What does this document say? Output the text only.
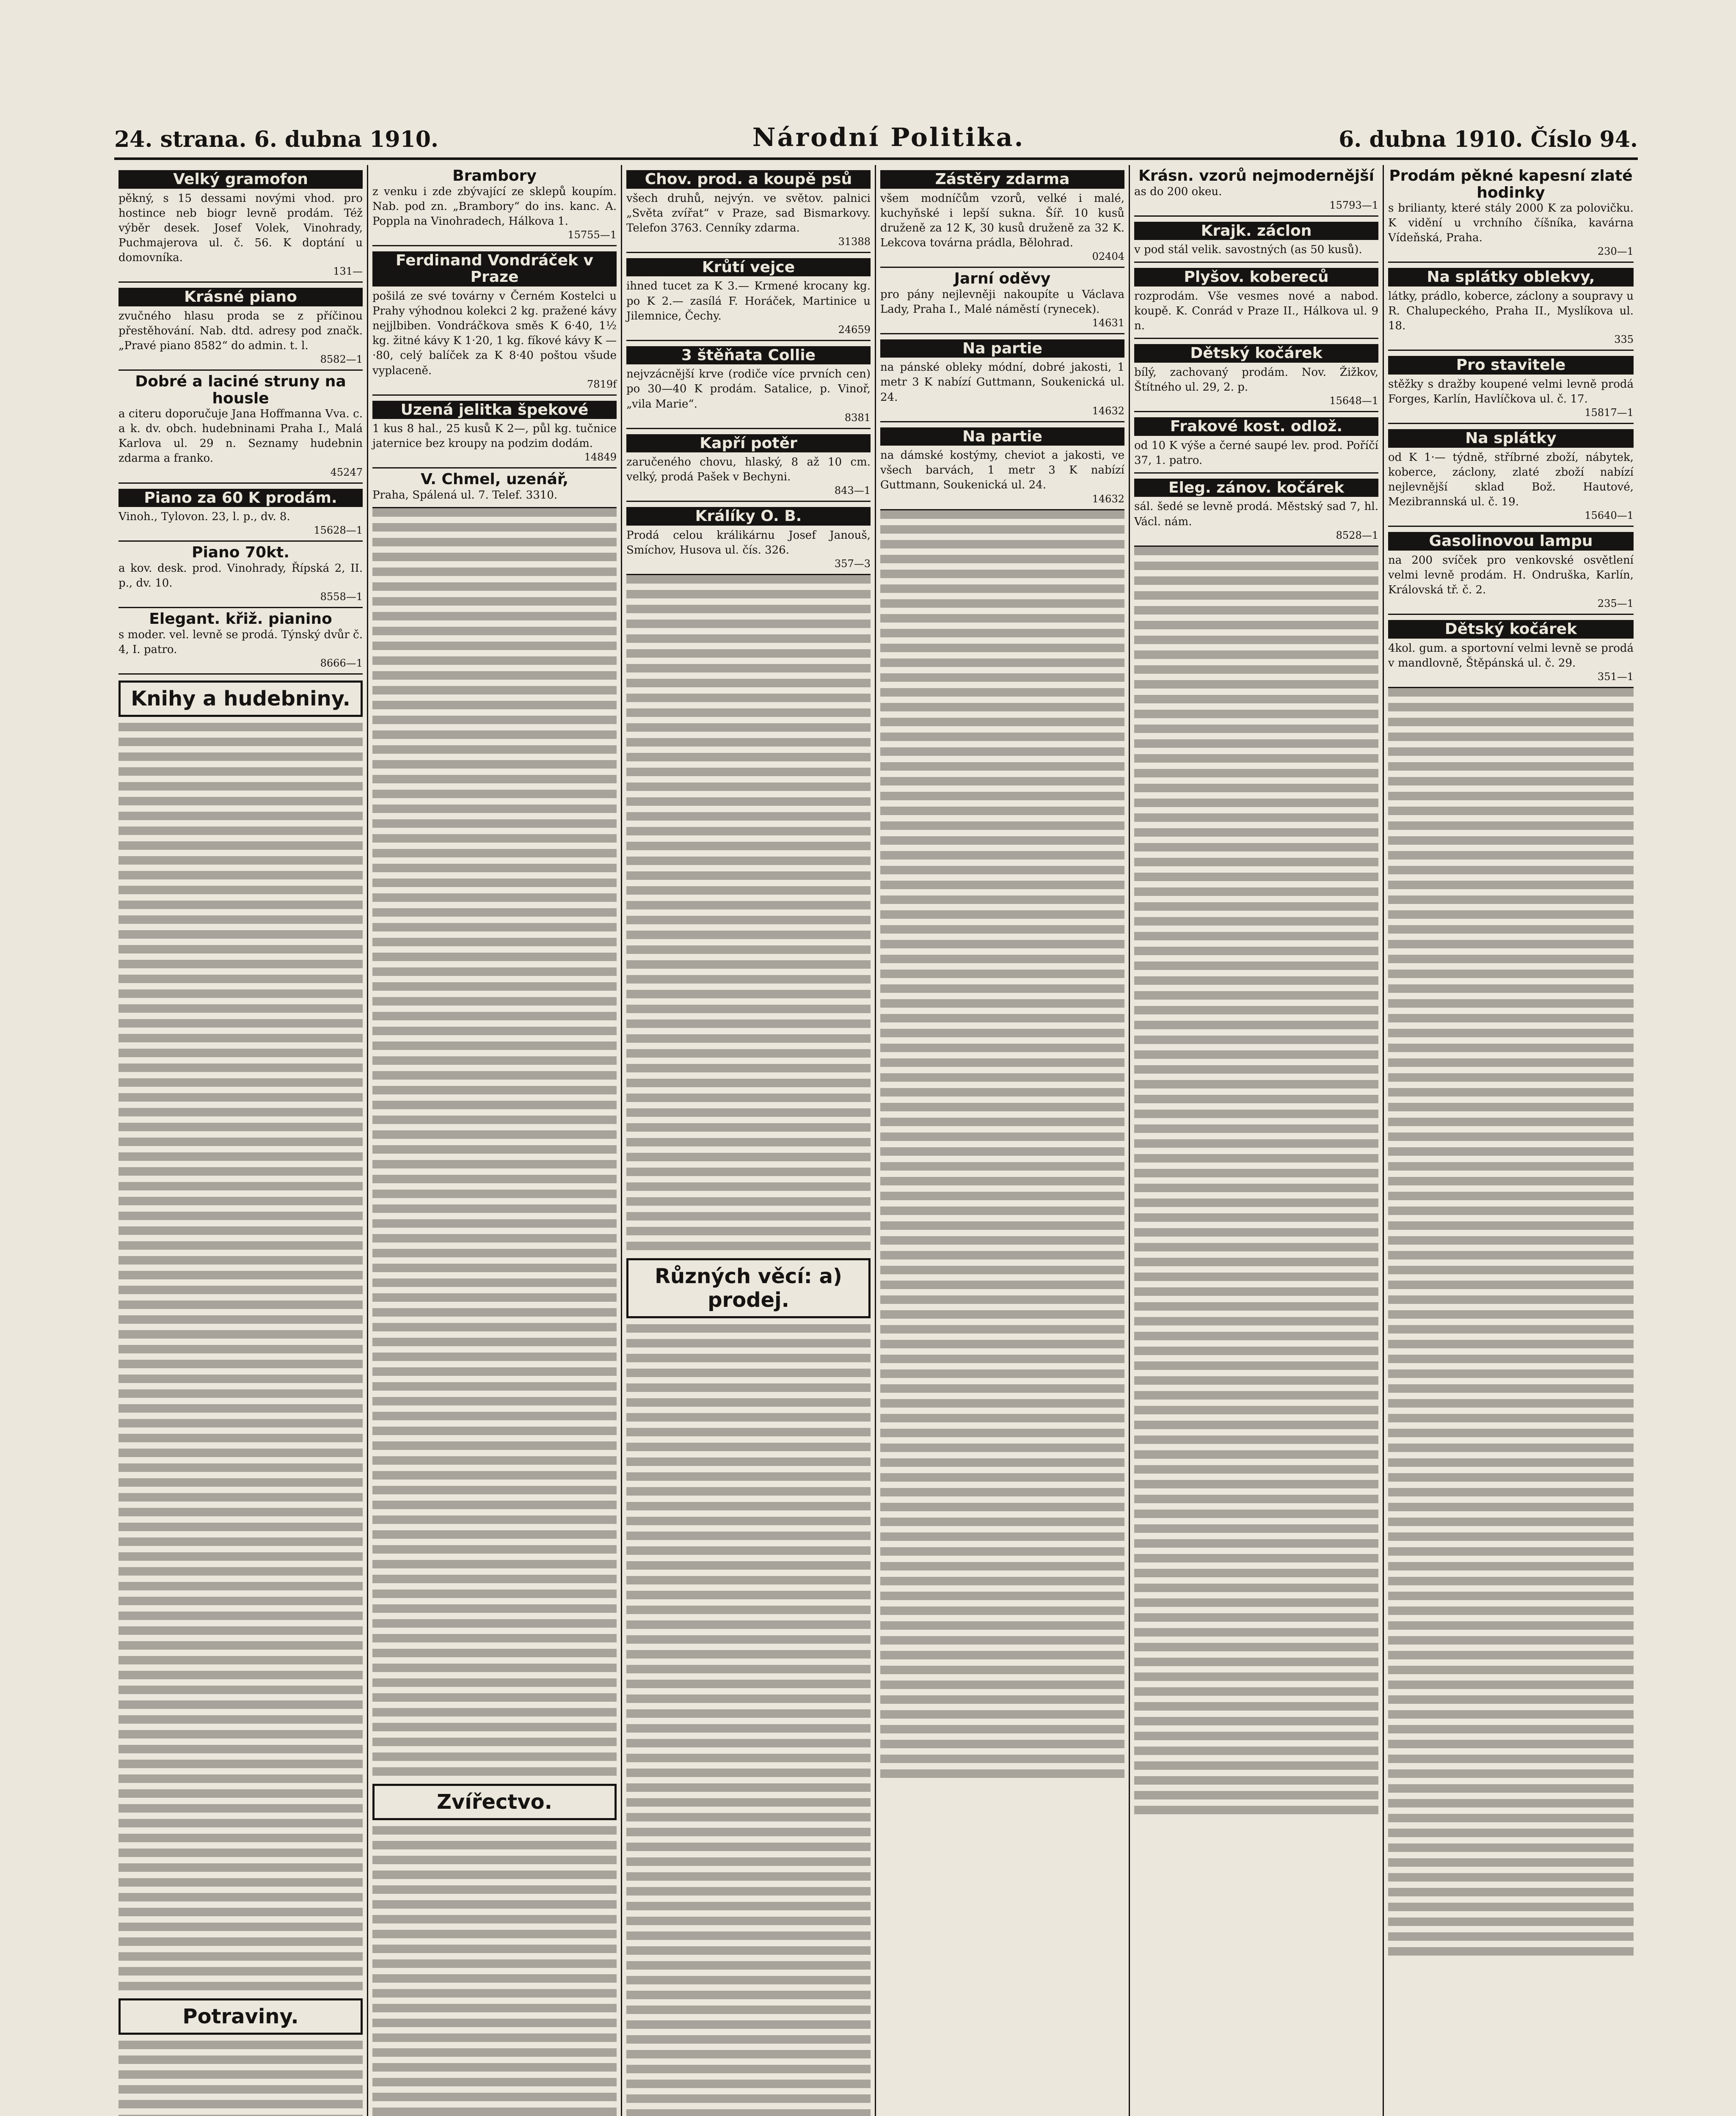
24. strana. 6. dubna 1910.	Národní Politika.	6. dubna 1910. Číslo 94.
Velký gramofon
pěkný, s 15 dessami novými vhod. pro hostince neb biogr levně prodám. Též výběr desek. Josef Volek, Vinohrady, Puchmajerova ul. č. 56. K doptání u domovníka.
131—
Krásné piano
zvučného hlasu proda se z příčinou přestěhování. Nab. dtd. adresy pod značk. „Pravé piano 8582“ do admin. t. l.
8582—1
Dobré a laciné struny na housle
a citeru doporučuje Jana Hoffmanna Vva. c. a k. dv. obch. hudebninami Praha I., Malá Karlova ul. 29 n. Seznamy hudebnin zdarma a franko.
45247
Piano za 60 K prodám.
Vinoh., Tylovon. 23, l. p., dv. 8.
15628—1
Piano 70kt.
a kov. desk. prod. Vinohrady, Řípská 2, II. p., dv. 10.
8558—1
Elegant. křiž. pianino
s moder. vel. levně se prodá. Týnský dvůr č. 4, I. patro.
8666—1
Knihy a hudebniny.
Potraviny.
Brambory
z venku i zde zbývající ze sklepů koupím. Nab. pod zn. „Brambory“ do ins. kanc. A. Poppla na Vinohradech, Hálkova 1.
15755—1
Ferdinand Vondráček v Praze
pošilá ze své továrny v Černém Kostelci u Prahy výhodnou kolekci 2 kg. pražené kávy nejjlbiben. Vondráčkova směs K 6·40, 1½ kg. žitné kávy K 1·20, 1 kg. fíkové kávy K —·80, celý balíček za K 8·40 poštou všude vyplaceně.
7819f
Uzená jelitka špekové
1 kus 8 hal., 25 kusů K 2—, půl kg. tučnice jaternice bez kroupy na podzim dodám.
14849
V. Chmel, uzenář,
Praha, Spálená ul. 7. Telef. 3310.
Zvířectvo.
Chov. prod. a koupě psů
všech druhů, nejvýn. ve světov. palnici „Světa zvířat“ v Praze, sad Bismarkovy. Telefon 3763. Cenníky zdarma.
31388
Krůtí vejce
ihned tucet za K 3.— Krmené krocany kg. po K 2.— zasílá F. Horáček, Martinice u Jilemnice, Čechy.
24659
3 štěňata Collie
nejvzácnější krve (rodiče více prvních cen) po 30—40 K prodám. Satalice, p. Vinoř, „vila Marie“.
8381
Kapří potěr
zaručeného chovu, hlaský, 8 až 10 cm. velký, prodá Pašek v Bechyni.
843—1
Králíky O. B.
Prodá celou králikárnu Josef Janouš, Smíchov, Husova ul. čís. 326.
357—3
Různých věcí: a) prodej.
Zástěry zdarma
všem modníčům vzorů, velké i malé, kuchyňské i lepší sukna. Šíř. 10 kusů druženě za 12 K, 30 kusů druženě za 32 K. Lekcova továrna prádla, Bělohrad.
02404
Jarní oděvy
pro pány nejlevněji nakoupíte u Václava Lady, Praha I., Malé náměstí (rynecek).
14631
Na partie
na pánské obleky módní, dobré jakosti, 1 metr 3 K nabízí Guttmann, Soukenická ul. 24.
14632
Na partie
na dámské kostýmy, cheviot a jakosti, ve všech barvách, 1 metr 3 K nabízí Guttmann, Soukenická ul. 24.
14632
Krásn. vzorů nejmodernější
as do 200 okeu.
15793—1
Krajk. záclon
v pod stál velik. savostných (as 50 kusů).
Plyšov. kobereců
rozprodám. Vše vesmes nové a nabod. koupě. K. Conrád v Praze II., Hálkova ul. 9 n.
Dětský kočárek
bílý, zachovaný prodám. Nov. Žižkov, Štítného ul. 29, 2. p.
15648—1
Frakové kost. odlož.
od 10 K výše a černé saupé lev. prod. Poříčí 37, 1. patro.
Eleg. zánov. kočárek
sál. šedé se levně prodá. Městský sad 7, hl. Václ. nám.
8528—1
Prodám pěkné kapesní zlaté hodinky
s brilianty, které stály 2000 K za polovičku. K vidění u vrchního číšníka, kavárna Vídeňská, Praha.
230—1
Na splátky oblekvy,
látky, prádlo, koberce, záclony a soupravy u R. Chalupeckého, Praha II., Myslíkova ul. 18.
335
Pro stavitele
stěžky s dražby koupené velmi levně prodá Forges, Karlín, Havlíčkova ul. č. 17.
15817—1
Na splátky
od K 1·— týdně, stříbrné zboží, nábytek, koberce, záclony, zlaté zboží nabízí nejlevnější sklad Bož. Hautové, Mezibrannská ul. č. 19.
15640—1
Gasolinovou lampu
na 200 svíček pro venkovské osvětlení velmi levně prodám. H. Ondruška, Karlín, Královská tř. č. 2.
235—1
Dětský kočárek
4kol. gum. a sportovní velmi levně se prodá v mandlovně, Štěpánská ul. č. 29.
351—1
